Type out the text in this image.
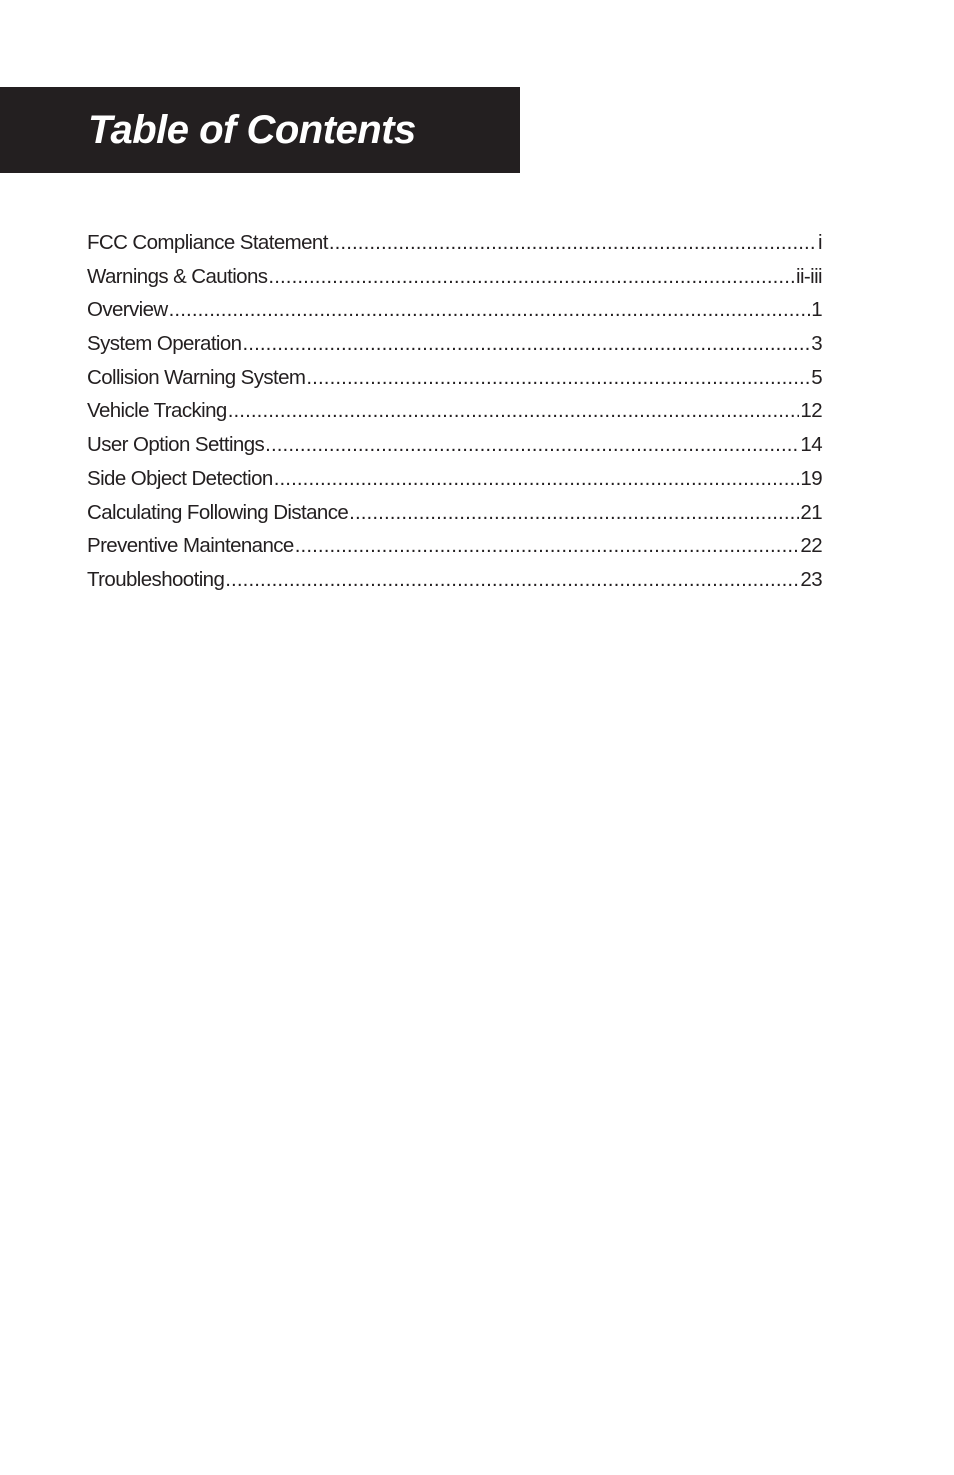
Table of Contents
FCC Compliance Statement .....	i
Warnings & Cautions .....	ii-iii
Overview .....	1
System Operation .....	3
Collision Warning System .....	5
Vehicle Tracking .....	12
User Option Settings .....	14
Side Object Detection .....	19
Calculating Following Distance .....	21
Preventive Maintenance .....	22
Troubleshooting .....	23
